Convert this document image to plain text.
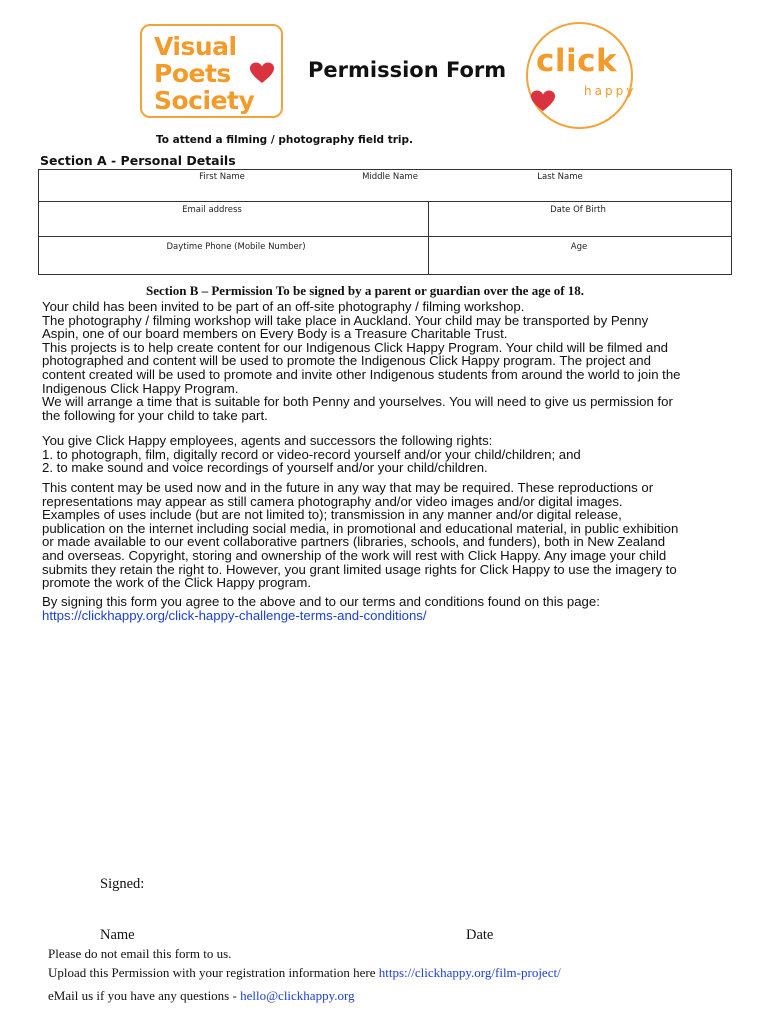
Visual
Poets
Society
Permission Form click
happy
To attend a filming / photography field trip.
Section A - Personal Details
First Name	Middle Name	Last Name
Email address	Date Of Birth
Daytime Phone (Mobile Number)	Age
Section B – Permission To be signed by a parent or guardian over the age of 18.

Your child has been invited to be part of an off-site photography / filming workshop.

The photography / filming workshop will take place in Auckland. Your child may be transported by Penny

Aspin, one of our board members on Every Body is a Treasure Charitable Trust.

This projects is to help create content for our Indigenous Click Happy Program. Your child will be filmed and

photographed and content will be used to promote the Indigenous Click Happy program. The project and

content created will be used to promote and invite other Indigenous students from around the world to join the

Indigenous Click Happy Program.

We will arrange a time that is suitable for both Penny and yourselves. You will need to give us permission for

the following for your child to take part.

You give Click Happy employees, agents and successors the following rights:

1. to photograph, film, digitally record or video-record yourself and/or your child/children; and

2. to make sound and voice recordings of yourself and/or your child/children.

This content may be used now and in the future in any way that may be required. These reproductions or

representations may appear as still camera photography and/or video images and/or digital images.

Examples of uses include (but are not limited to); transmission in any manner and/or digital release,

publication on the internet including social media, in promotional and educational material, in public exhibition

or made available to our event collaborative partners (libraries, schools, and funders), both in New Zealand

and overseas. Copyright, storing and ownership of the work will rest with Click Happy. Any image your child

submits they retain the right to. However, you grant limited usage rights for Click Happy to use the imagery to

promote the work of the Click Happy program.

By signing this form you agree to the above and to our terms and conditions found on this page:

https://clickhappy.org/click-happy-challenge-terms-and-conditions/

Signed:
Name	Date
Please do not email this form to us.
Upload this Permission with your registration information here https://clickhappy.org/film-project/
eMail us if you have any questions - hello@clickhappy.org
